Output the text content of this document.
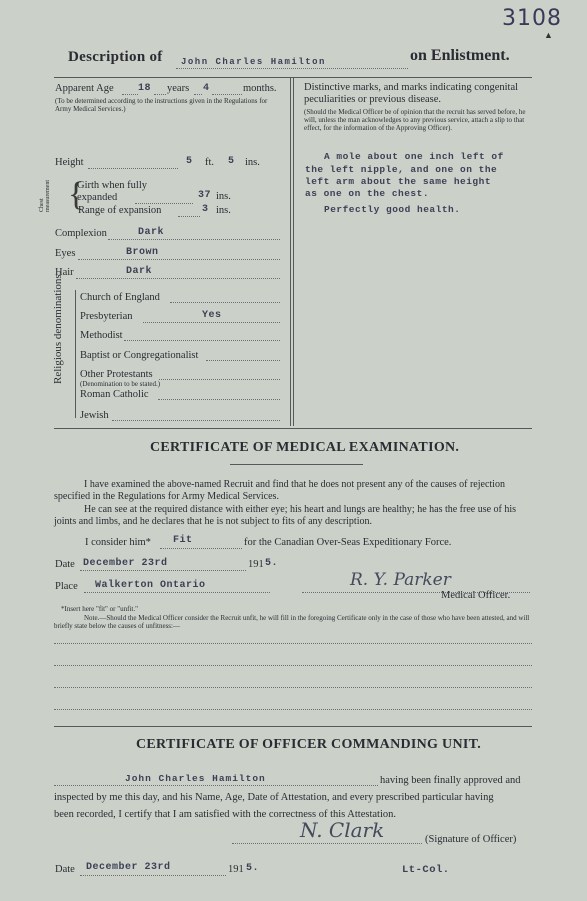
3108
▲
Description of John Charles Hamilton	on Enlistment.
Apparent Age 18 years 4	months.
(To be determined according to the instructions given in the Regulations for Army Medical Services.)
Height	5 ft. 5 ins.
Chest measurement {
Girth when fully expanded	37 ins.
Range of expansion	3 ins.
Complexion	Dark
Eyes	Brown
Hair	Dark
Religious denominations. Church of England
Presbyterian	Yes
Methodist
Baptist or Congregationalist
Other Protestants
(Denomination to be stated.)
Roman Catholic
Jewish
Distinctive marks, and marks indicating congenital peculiarities or previous disease.
(Should the Medical Officer be of opinion that the recruit has served before, he will, unless the man acknowledges to any previous service, attach a slip to that effect, for the information of the Approving Officer).
A mole about one inch left of
the left nipple, and one on the
left arm about the same height
as one on the chest.
Perfectly good health.
CERTIFICATE OF MEDICAL EXAMINATION.
I have examined the above-named Recruit and find that he does not present any of the causes of rejection specified in the Regulations for Army Medical Services.
He can see at the required distance with either eye; his heart and lungs are healthy; he has the free use of his joints and limbs, and he declares that he is not subject to fits of any description.
I consider him* Fit	for the Canadian Over-Seas Expeditionary Force.
Date December 23rd	191 5.
Place Walkerton Ontario	R. Y. Parker
Medical Officer.
*Insert here "fit" or "unfit."
Note.—Should the Medical Officer consider the Recruit unfit, he will fill in the foregoing Certificate only in the case of those who have been attested, and will briefly state below the causes of unfitness:—
CERTIFICATE OF OFFICER COMMANDING UNIT.
John Charles Hamilton	having been finally approved and
inspected by me this day, and his Name, Age, Date of Attestation, and every prescribed particular having
been recorded, I certify that I am satisfied with the correctness of this Attestation.
N. Clark	(Signature of Officer)
Date December 23rd	191 5.	Lt-Col.
